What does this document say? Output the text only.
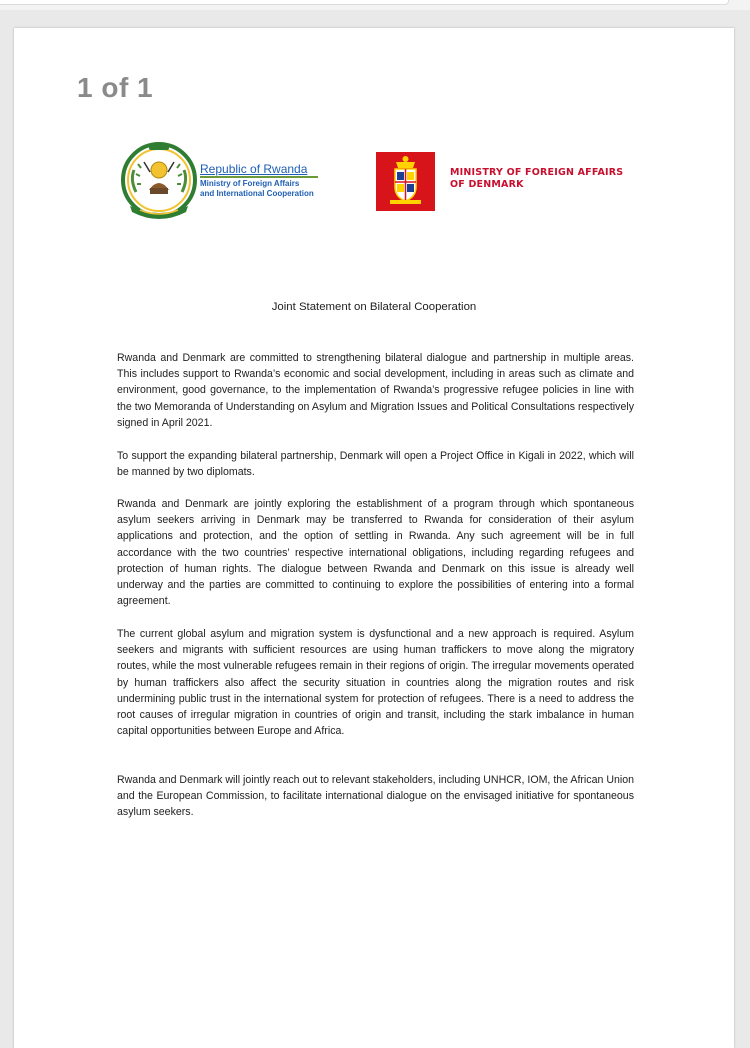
1 of 1
Republic of Rwanda
Ministry of Foreign Affairs
and International Cooperation
MINISTRY OF FOREIGN AFFAIRS
OF DENMARK
Joint Statement on Bilateral Cooperation

Rwanda and Denmark are committed to strengthening bilateral dialogue and partnership in multiple areas. This includes support to Rwanda’s economic and social development, including in areas such as climate and environment, good governance, to the implementation of Rwanda’s progressive refugee policies in line with the two Memoranda of Understanding on Asylum and Migration Issues and Political Consultations respectively signed in April 2021.

To support the expanding bilateral partnership, Denmark will open a Project Office in Kigali in 2022, which will be manned by two diplomats.

Rwanda and Denmark are jointly exploring the establishment of a program through which spontaneous asylum seekers arriving in Denmark may be transferred to Rwanda for consideration of their asylum applications and protection, and the option of settling in Rwanda. Any such agreement will be in full accordance with the two countries’ respective international obligations, including regarding refugees and protection of human rights. The dialogue between Rwanda and Denmark on this issue is already well underway and the parties are committed to continuing to explore the possibilities of entering into a formal agreement.

The current global asylum and migration system is dysfunctional and a new approach is required. Asylum seekers and migrants with sufficient resources are using human traffickers to move along the migratory routes, while the most vulnerable refugees remain in their regions of origin. The irregular movements operated by human traffickers also affect the security situation in countries along the migration routes and risk undermining public trust in the international system for protection of refugees. There is a need to address the root causes of irregular migration in countries of origin and transit, including the stark imbalance in human capital opportunities between Europe and Africa.

Rwanda and Denmark will jointly reach out to relevant stakeholders, including UNHCR, IOM, the African Union and the European Commission, to facilitate international dialogue on the envisaged initiative for spontaneous asylum seekers.
